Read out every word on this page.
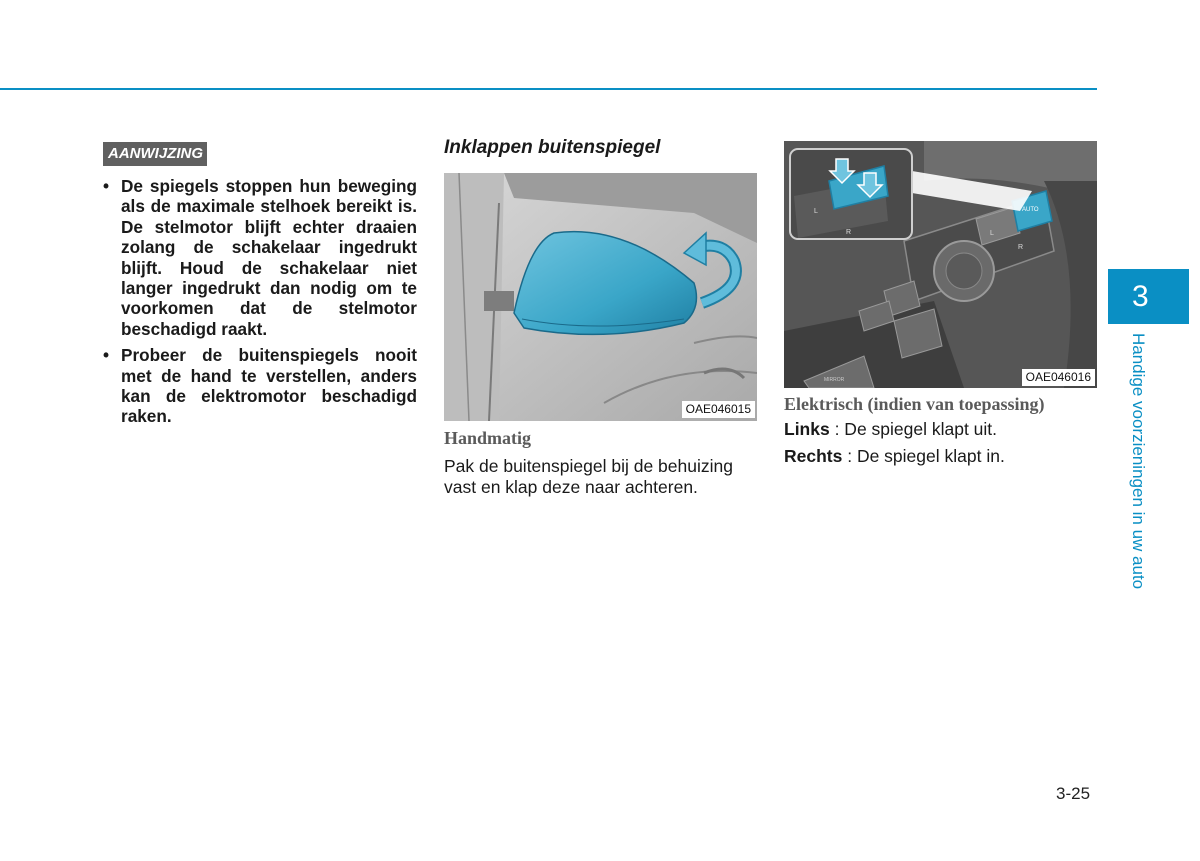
AANWIJZING
• De spiegels stoppen hun beweging als de maximale stelhoek bereikt is. De stelmotor blijft echter draaien zolang de schakelaar ingedrukt blijft. Houd de schakelaar niet langer ingedrukt dan nodig om te voorkomen dat de stelmotor beschadigd raakt.
• Probeer de buitenspiegels nooit met de hand te verstellen, anders kan de elektromotor beschadigd raken.
Inklappen buitenspiegel
OAE046015
Handmatig
Pak de buitenspiegel bij de behuizing vast en klap deze naar achteren.
AUTO
L
R
MIRROR
L
R
OAE046016
Elektrisch (indien van toepassing)
Links : De spiegel klapt uit.
Rechts : De spiegel klapt in.
3
Handige voorzieningen in uw auto
3-25
